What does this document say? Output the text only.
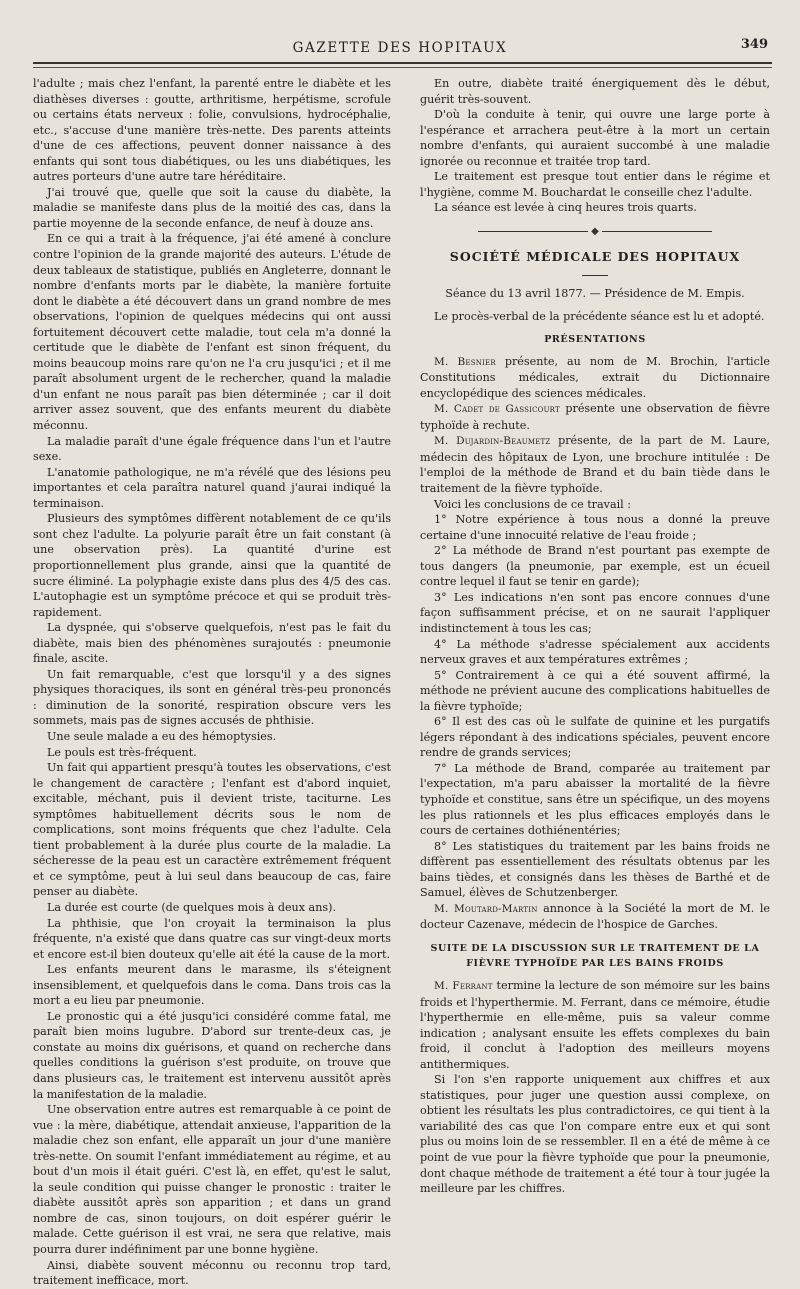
GAZETTE DES HOPITAUX	349

l'adulte ; mais chez l'enfant, la parenté entre le diabète et les diathèses diverses : goutte, arthritisme, herpétisme, scrofule ou certains états nerveux : folie, convulsions, hydrocéphalie, etc., s'accuse d'une manière très-nette. Des parents atteints d'une de ces affections, peuvent donner naissance à des enfants qui sont tous diabétiques, ou les uns diabétiques, les autres porteurs d'une autre tare héréditaire.

J'ai trouvé que, quelle que soit la cause du diabète, la maladie se manifeste dans plus de la moitié des cas, dans la partie moyenne de la seconde enfance, de neuf à douze ans.

En ce qui a trait à la fréquence, j'ai été amené à conclure contre l'opinion de la grande majorité des auteurs. L'étude de deux tableaux de statistique, publiés en Angleterre, donnant le nombre d'enfants morts par le diabète, la manière fortuite dont le diabète a été découvert dans un grand nombre de mes observations, l'opinion de quelques médecins qui ont aussi fortuitement découvert cette maladie, tout cela m'a donné la certitude que le diabète de l'enfant est sinon fréquent, du moins beaucoup moins rare qu'on ne l'a cru jusqu'ici ; et il me paraît absolument urgent de le rechercher, quand la maladie d'un enfant ne nous paraît pas bien déterminée ; car il doit arriver assez souvent, que des enfants meurent du diabète méconnu.

La maladie paraît d'une égale fréquence dans l'un et l'autre sexe.

L'anatomie pathologique, ne m'a révélé que des lésions peu importantes et cela paraîtra naturel quand j'aurai indiqué la terminaison.

Plusieurs des symptômes diffèrent notablement de ce qu'ils sont chez l'adulte. La polyurie paraît être un fait constant (à une observation près). La quantité d'urine est proportionnellement plus grande, ainsi que la quantité de sucre éliminé. La polyphagie existe dans plus des 4/5 des cas. L'autophagie est un symptôme précoce et qui se produit très-rapidement.

La dyspnée, qui s'observe quelquefois, n'est pas le fait du diabète, mais bien des phénomènes surajoutés : pneumonie finale, ascite.

Un fait remarquable, c'est que lorsqu'il y a des signes physiques thoraciques, ils sont en général très-peu prononcés : diminution de la sonorité, respiration obscure vers les sommets, mais pas de signes accusés de phthisie.

Une seule malade a eu des hémoptysies.

Le pouls est très-fréquent.

Un fait qui appartient presqu'à toutes les observations, c'est le changement de caractère ; l'enfant est d'abord inquiet, excitable, méchant, puis il devient triste, taciturne. Les symptômes habituellement décrits sous le nom de complications, sont moins fréquents que chez l'adulte. Cela tient probablement à la durée plus courte de la maladie. La sécheresse de la peau est un caractère extrêmement fréquent et ce symptôme, peut à lui seul dans beaucoup de cas, faire penser au diabète.

La durée est courte (de quelques mois à deux ans).

La phthisie, que l'on croyait la terminaison la plus fréquente, n'a existé que dans quatre cas sur vingt-deux morts et encore est-il bien douteux qu'elle ait été la cause de la mort.

Les enfants meurent dans le marasme, ils s'éteignent insensiblement, et quelquefois dans le coma. Dans trois cas la mort a eu lieu par pneumonie.

Le pronostic qui a été jusqu'ici considéré comme fatal, me paraît bien moins lugubre. D'abord sur trente-deux cas, je constate au moins dix guérisons, et quand on recherche dans quelles conditions la guérison s'est produite, on trouve que dans plusieurs cas, le traitement est intervenu aussitôt après la manifestation de la maladie.

Une observation entre autres est remarquable à ce point de vue : la mère, diabétique, attendait anxieuse, l'apparition de la maladie chez son enfant, elle apparaît un jour d'une manière très-nette. On soumit l'enfant immédiatement au régime, et au bout d'un mois il était guéri. C'est là, en effet, qu'est le salut, la seule condition qui puisse changer le pronostic : traiter le diabète aussitôt après son apparition ; et dans un grand nombre de cas, sinon toujours, on doit espérer guérir le malade. Cette guérison il est vrai, ne sera que relative, mais pourra durer indéfiniment par une bonne hygiène.

Ainsi, diabète souvent méconnu ou reconnu trop tard, traitement inefficace, mort.

En outre, diabète traité énergiquement dès le début, guérit très-souvent.

D'où la conduite à tenir, qui ouvre une large porte à l'espérance et arrachera peut-être à la mort un certain nombre d'enfants, qui auraient succombé à une maladie ignorée ou reconnue et traitée trop tard.

Le traitement est presque tout entier dans le régime et l'hygiène, comme M. Bouchardat le conseille chez l'adulte.

La séance est levée à cinq heures trois quarts.

◆
SOCIÉTÉ MÉDICALE DES HOPITAUX

Séance du 13 avril 1877. — Présidence de M. Empis.

Le procès-verbal de la précédente séance est lu et adopté.

PRÉSENTATIONS

M. Besnier présente, au nom de M. Brochin, l'article Constitutions médicales, extrait du Dictionnaire encyclopédique des sciences médicales.

M. Cadet de Gassicourt présente une observation de fièvre typhoïde à rechute.

M. Dujardin-Beaumetz présente, de la part de M. Laure, médecin des hôpitaux de Lyon, une brochure intitulée : De l'emploi de la méthode de Brand et du bain tiède dans le traitement de la fièvre typhoïde.

Voici les conclusions de ce travail :

1° Notre expérience à tous nous a donné la preuve certaine d'une innocuité relative de l'eau froide ;

2° La méthode de Brand n'est pourtant pas exempte de tous dangers (la pneumonie, par exemple, est un écueil contre lequel il faut se tenir en garde);

3° Les indications n'en sont pas encore connues d'une façon suffisamment précise, et on ne saurait l'appliquer indistinctement à tous les cas;

4° La méthode s'adresse spécialement aux accidents nerveux graves et aux températures extrêmes ;

5° Contrairement à ce qui a été souvent affirmé, la méthode ne prévient aucune des complications habituelles de la fièvre typhoïde;

6° Il est des cas où le sulfate de quinine et les purgatifs légers répondant à des indications spéciales, peuvent encore rendre de grands services;

7° La méthode de Brand, comparée au traitement par l'expectation, m'a paru abaisser la mortalité de la fièvre typhoïde et constitue, sans être un spécifique, un des moyens les plus rationnels et les plus efficaces employés dans le cours de certaines dothiénentéries;

8° Les statistiques du traitement par les bains froids ne diffèrent pas essentiellement des résultats obtenus par les bains tièdes, et consignés dans les thèses de Barthé et de Samuel, élèves de Schutzenberger.

M. Moutard-Martin annonce à la Société la mort de M. le docteur Cazenave, médecin de l'hospice de Garches.

SUITE DE LA DISCUSSION SUR LE TRAITEMENT DE LA FIÈVRE TYPHOÏDE PAR LES BAINS FROIDS

M. Ferrant termine la lecture de son mémoire sur les bains froids et l'hyperthermie. M. Ferrant, dans ce mémoire, étudie l'hyperthermie en elle-même, puis sa valeur comme indication ; analysant ensuite les effets complexes du bain froid, il conclut à l'adoption des meilleurs moyens antithermiques.

Si l'on s'en rapporte uniquement aux chiffres et aux statistiques, pour juger une question aussi complexe, on obtient les résultats les plus contradictoires, ce qui tient à la variabilité des cas que l'on compare entre eux et qui sont plus ou moins loin de se ressembler. Il en a été de même à ce point de vue pour la fièvre typhoïde que pour la pneumonie, dont chaque méthode de traitement a été tour à tour jugée la meilleure par les chiffres.
